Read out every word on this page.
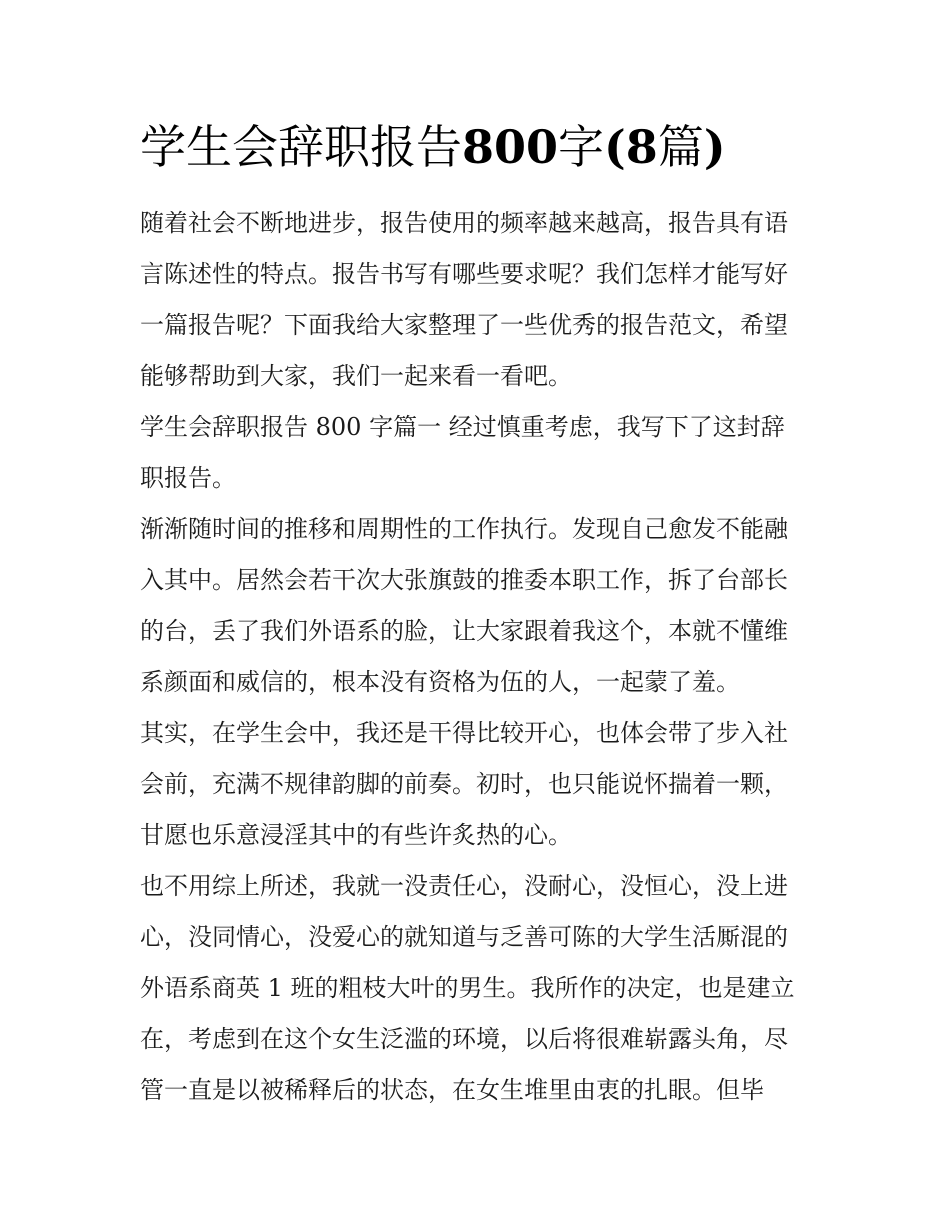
学生会辞职报告800字(8篇)
随着社会不断地进步，报告使用的频率越来越高，报告具有语
言陈述性的特点。报告书写有哪些要求呢？我们怎样才能写好
一篇报告呢？下面我给大家整理了一些优秀的报告范文，希望
能够帮助到大家，我们一起来看一看吧。
学生会辞职报告 800 字篇一 经过慎重考虑，我写下了这封辞
职报告。
渐渐随时间的推移和周期性的工作执行。发现自己愈发不能融
入其中。居然会若干次大张旗鼓的推委本职工作，拆了台部长
的台，丢了我们外语系的脸，让大家跟着我这个，本就不懂维
系颜面和威信的，根本没有资格为伍的人，一起蒙了羞。
其实，在学生会中，我还是干得比较开心，也体会带了步入社
会前，充满不规律韵脚的前奏。初时，也只能说怀揣着一颗，
甘愿也乐意浸淫其中的有些许炙热的心。
也不用综上所述，我就一没责任心，没耐心，没恒心，没上进
心，没同情心，没爱心的就知道与乏善可陈的大学生活厮混的
外语系商英 1 班的粗枝大叶的男生。我所作的决定，也是建立
在，考虑到在这个女生泛滥的环境，以后将很难崭露头角，尽
管一直是以被稀释后的状态，在女生堆里由衷的扎眼。但毕
